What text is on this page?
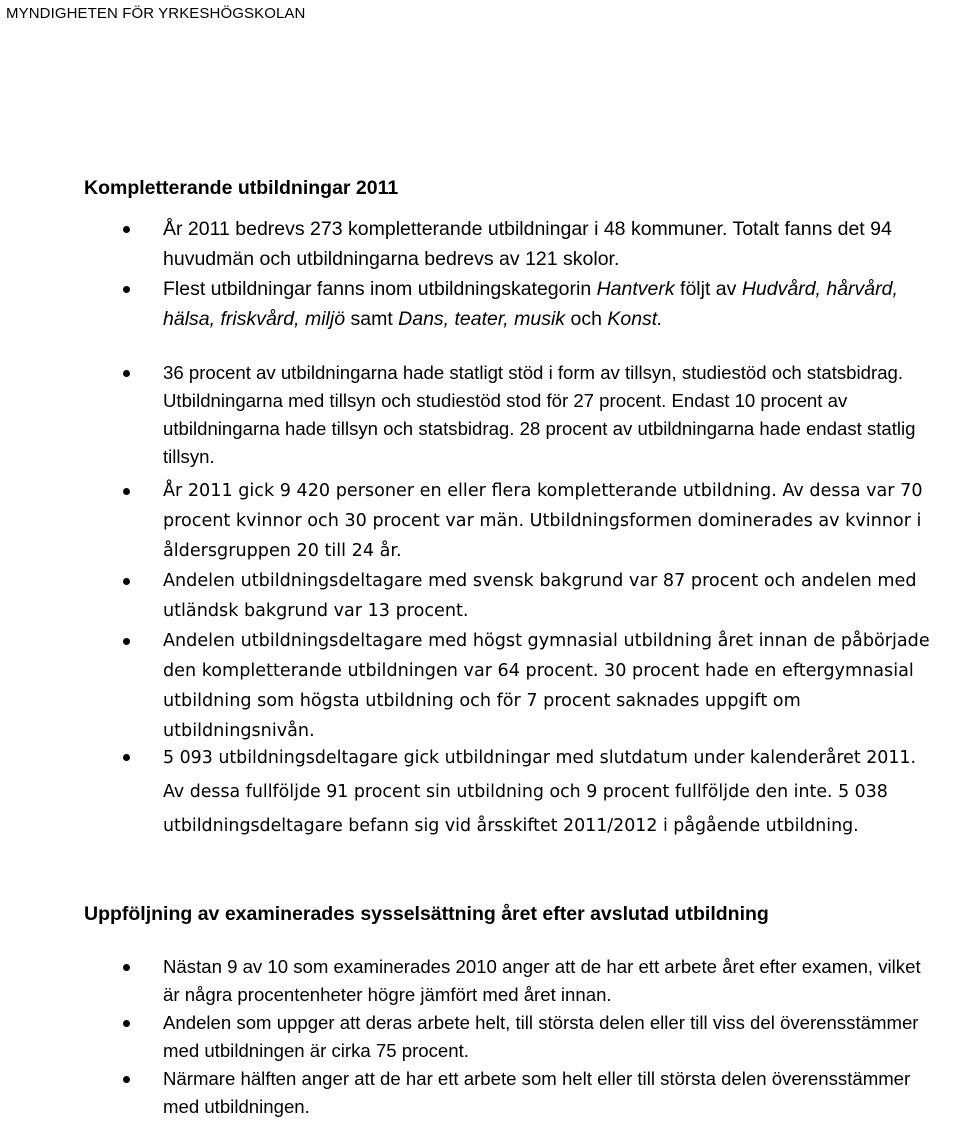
MYNDIGHETEN FÖR YRKESHÖGSKOLAN
Kompletterande utbildningar 2011
År 2011 bedrevs 273 kompletterande utbildningar i 48 kommuner. Totalt fanns det 94 huvudmän och utbildningarna bedrevs av 121 skolor.
Flest utbildningar fanns inom utbildningskategorin Hantverk följt av Hudvård, hårvård, hälsa, friskvård, miljö samt Dans, teater, musik och Konst.
36 procent av utbildningarna hade statligt stöd i form av tillsyn, studiestöd och statsbidrag. Utbildningarna med tillsyn och studiestöd stod för 27 procent. Endast 10 procent av utbildningarna hade tillsyn och statsbidrag. 28 procent av utbildningarna hade endast statlig tillsyn.
År 2011 gick 9 420 personer en eller flera kompletterande utbildning. Av dessa var 70 procent kvinnor och 30 procent var män. Utbildningsformen dominerades av kvinnor i åldersgruppen 20 till 24 år.
Andelen utbildningsdeltagare med svensk bakgrund var 87 procent och andelen med utländsk bakgrund var 13 procent.
Andelen utbildningsdeltagare med högst gymnasial utbildning året innan de påbörjade den kompletterande utbildningen var 64 procent. 30 procent hade en eftergymnasial utbildning som högsta utbildning och för 7 procent saknades uppgift om utbildningsnivån.
5 093 utbildningsdeltagare gick utbildningar med slutdatum under kalenderåret 2011. Av dessa fullföljde 91 procent sin utbildning och 9 procent fullföljde den inte. 5 038 utbildningsdeltagare befann sig vid årsskiftet 2011/2012 i pågående utbildning.
Uppföljning av examinerades sysselsättning året efter avslutad utbildning
Nästan 9 av 10 som examinerades 2010 anger att de har ett arbete året efter examen, vilket är några procentenheter högre jämfört med året innan.
Andelen som uppger att deras arbete helt, till största delen eller till viss del överensstämmer med utbildningen är cirka 75 procent.
Närmare hälften anger att de har ett arbete som helt eller till största delen överensstämmer med utbildningen.
